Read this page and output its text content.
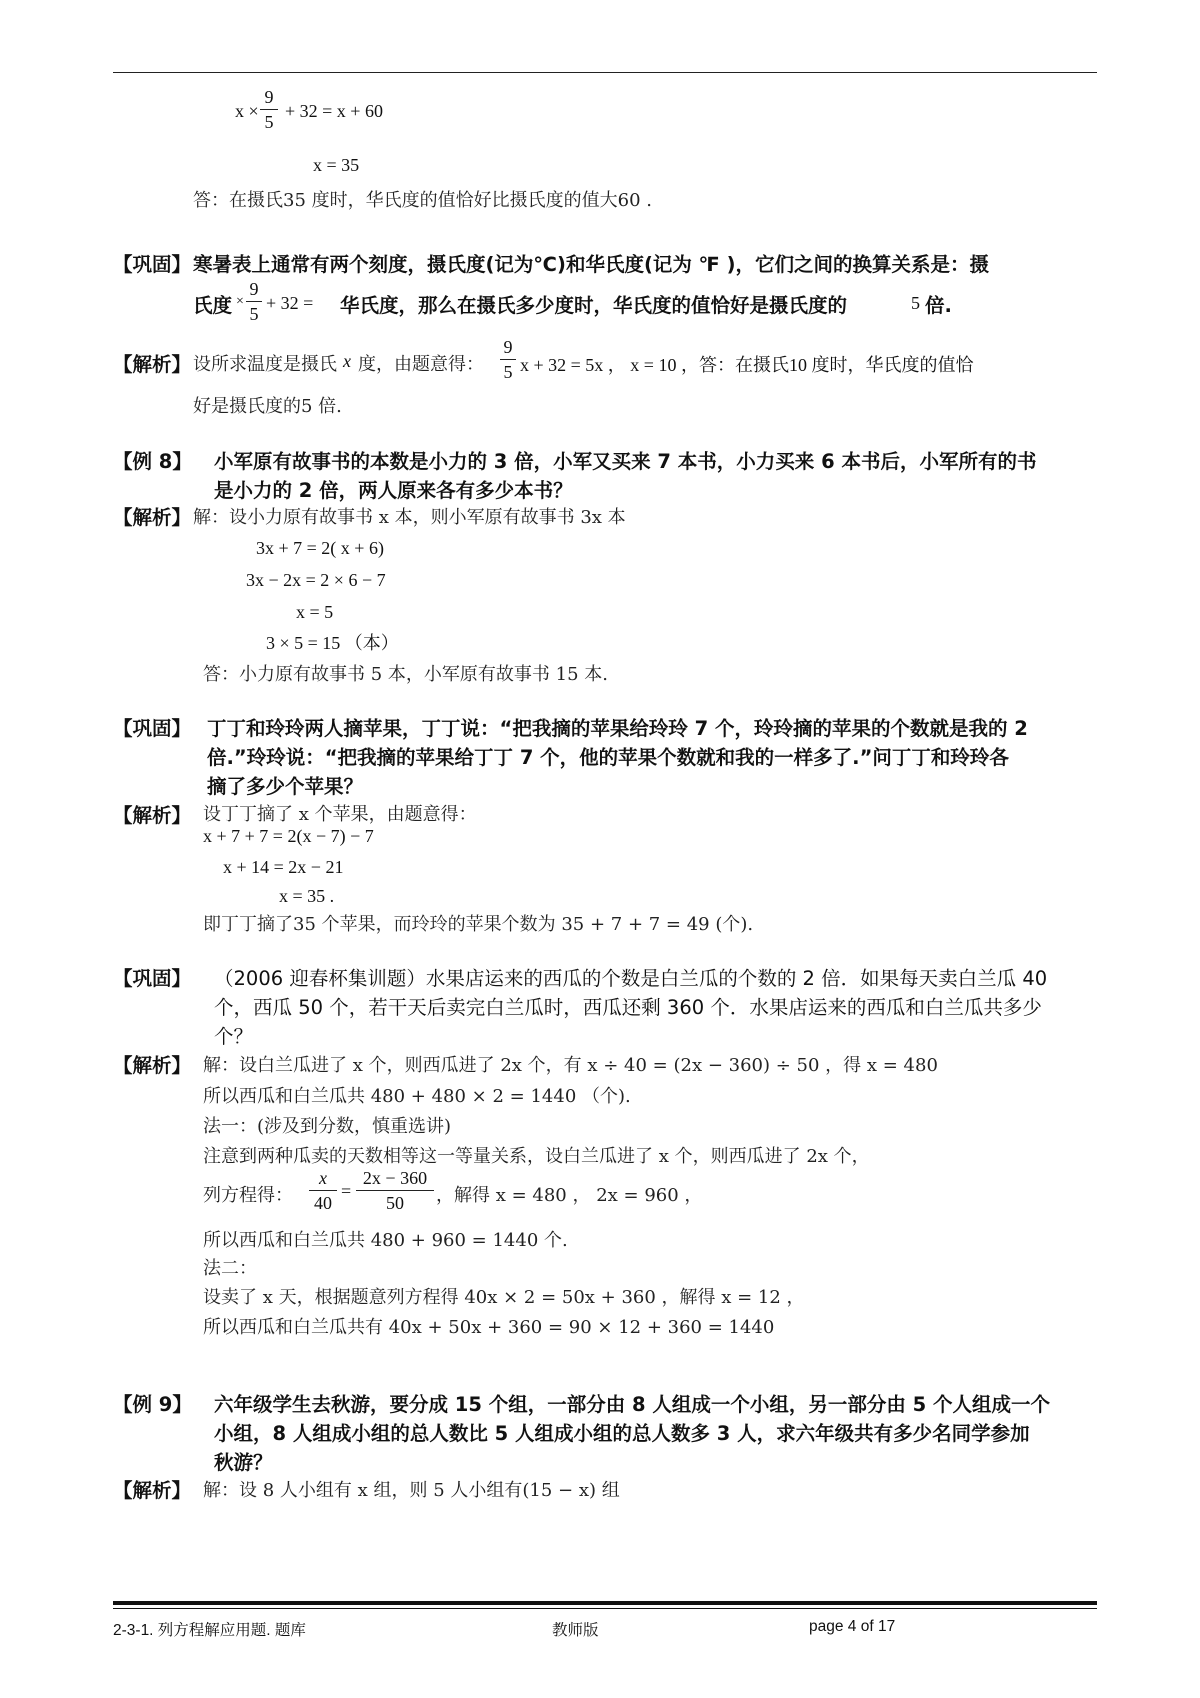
x ×
9
5
+ 32 = x + 60
x = 35
答：在摄氏35 度时，华氏度的值恰好比摄氏度的值大60 .
【巩固】 寒暑表上通常有两个刻度，摄氏度(记为℃)和华氏度(记为 ℉ )，它们之间的换算关系是：摄
氏度 ×
9
5
+ 32 = 华氏度，那么在摄氏多少度时，华氏度的值恰好是摄氏度的	5 倍.
【解析】 设所求温度是摄氏 x 度，由题意得：
9
5 x + 32 = 5x ， x = 10 ，答：在摄氏10 度时，华氏度的值恰
好是摄氏度的5 倍.
【例 8】 小军原有故事书的本数是小力的 3 倍，小军又买来 7 本书，小力买来 6 本书后，小军所有的书
是小力的 2 倍，两人原来各有多少本书？
【解析】 解：设小力原有故事书 x 本，则小军原有故事书 3x 本
3x + 7 = 2( x + 6)
3x − 2x = 2 × 6 − 7
x = 5
3 × 5 = 15 （本）
答：小力原有故事书 5 本，小军原有故事书 15 本.
【巩固】 丁丁和玲玲两人摘苹果，丁丁说：“把我摘的苹果给玲玲 7 个，玲玲摘的苹果的个数就是我的 2
倍.”玲玲说：“把我摘的苹果给丁丁 7 个，他的苹果个数就和我的一样多了.”问丁丁和玲玲各
摘了多少个苹果？
【解析】 设丁丁摘了 x 个苹果，由题意得：
x + 7 + 7 = 2(x − 7) − 7
x + 14 = 2x − 21
x = 35 .
即丁丁摘了35 个苹果，而玲玲的苹果个数为 35 + 7 + 7 = 49 (个).
【巩固】 （2006 迎春杯集训题）水果店运来的西瓜的个数是白兰瓜的个数的 2 倍．如果每天卖白兰瓜 40
个，西瓜 50 个，若干天后卖完白兰瓜时，西瓜还剩 360 个．水果店运来的西瓜和白兰瓜共多少
个？
【解析】 解：设白兰瓜进了 x 个，则西瓜进了 2x 个，有 x ÷ 40 = (2x − 360) ÷ 50 ，得 x = 480
所以西瓜和白兰瓜共 480 + 480 × 2 = 1440 （个).
法一：(涉及到分数，慎重选讲)
注意到两种瓜卖的天数相等这一等量关系，设白兰瓜进了 x 个，则西瓜进了 2x 个，
列方程得：
x
40
=
2x − 360
50	，解得 x = 480 ， 2x = 960 ，
所以西瓜和白兰瓜共 480 + 960 = 1440 个.
法二：
设卖了 x 天，根据题意列方程得 40x × 2 = 50x + 360 ，解得 x = 12 ，
所以西瓜和白兰瓜共有 40x + 50x + 360 = 90 × 12 + 360 = 1440
【例 9】 六年级学生去秋游，要分成 15 个组，一部分由 8 人组成一个小组，另一部分由 5 个人组成一个
小组，8 人组成小组的总人数比 5 人组成小组的总人数多 3 人，求六年级共有多少名同学参加
秋游？
【解析】 解：设 8 人小组有 x 组，则 5 人小组有(15 − x) 组
2-3-1. 列方程解应用题. 题库	教师版	page 4 of 17
